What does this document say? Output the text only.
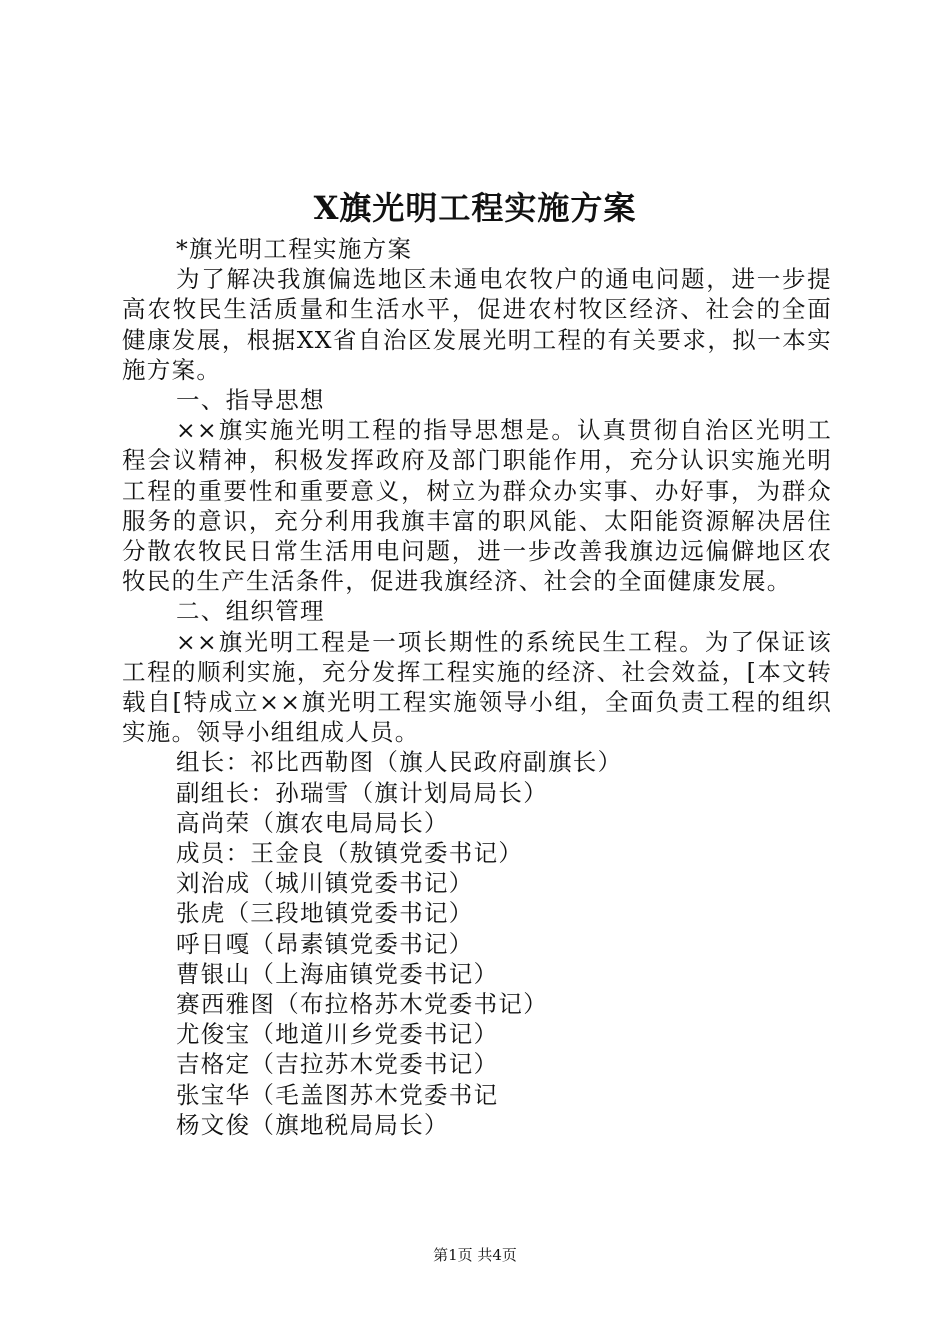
X旗光明工程实施方案

*旗光明工程实施方案

为了解决我旗偏选地区未通电农牧户的通电问题，进一步提高农牧民生活质量和生活水平，促进农村牧区经济、社会的全面健康发展，根据XX省自治区发展光明工程的有关要求，拟一本实施方案。

一、指导思想

××旗实施光明工程的指导思想是。认真贯彻自治区光明工程会议精神，积极发挥政府及部门职能作用，充分认识实施光明工程的重要性和重要意义，树立为群众办实事、办好事，为群众服务的意识，充分利用我旗丰富的职风能、太阳能资源解决居住分散农牧民日常生活用电问题，进一步改善我旗边远偏僻地区农牧民的生产生活条件，促进我旗经济、社会的全面健康发展。

二、组织管理

××旗光明工程是一项长期性的系统民生工程。为了保证该工程的顺利实施，充分发挥工程实施的经济、社会效益，[本文转载自[特成立××旗光明工程实施领导小组，全面负责工程的组织实施。领导小组组成人员。

组长：祁比西勒图（旗人民政府副旗长）

副组长：孙瑞雪（旗计划局局长）

高尚荣（旗农电局局长）

成员：王金良（敖镇党委书记）

刘治成（城川镇党委书记）

张虎（三段地镇党委书记）

呼日嘎（昂素镇党委书记）

曹银山（上海庙镇党委书记）

赛西雅图（布拉格苏木党委书记）

尤俊宝（地道川乡党委书记）

吉格定（吉拉苏木党委书记）

张宝华（毛盖图苏木党委书记

杨文俊（旗地税局局长）

第1页 共4页
